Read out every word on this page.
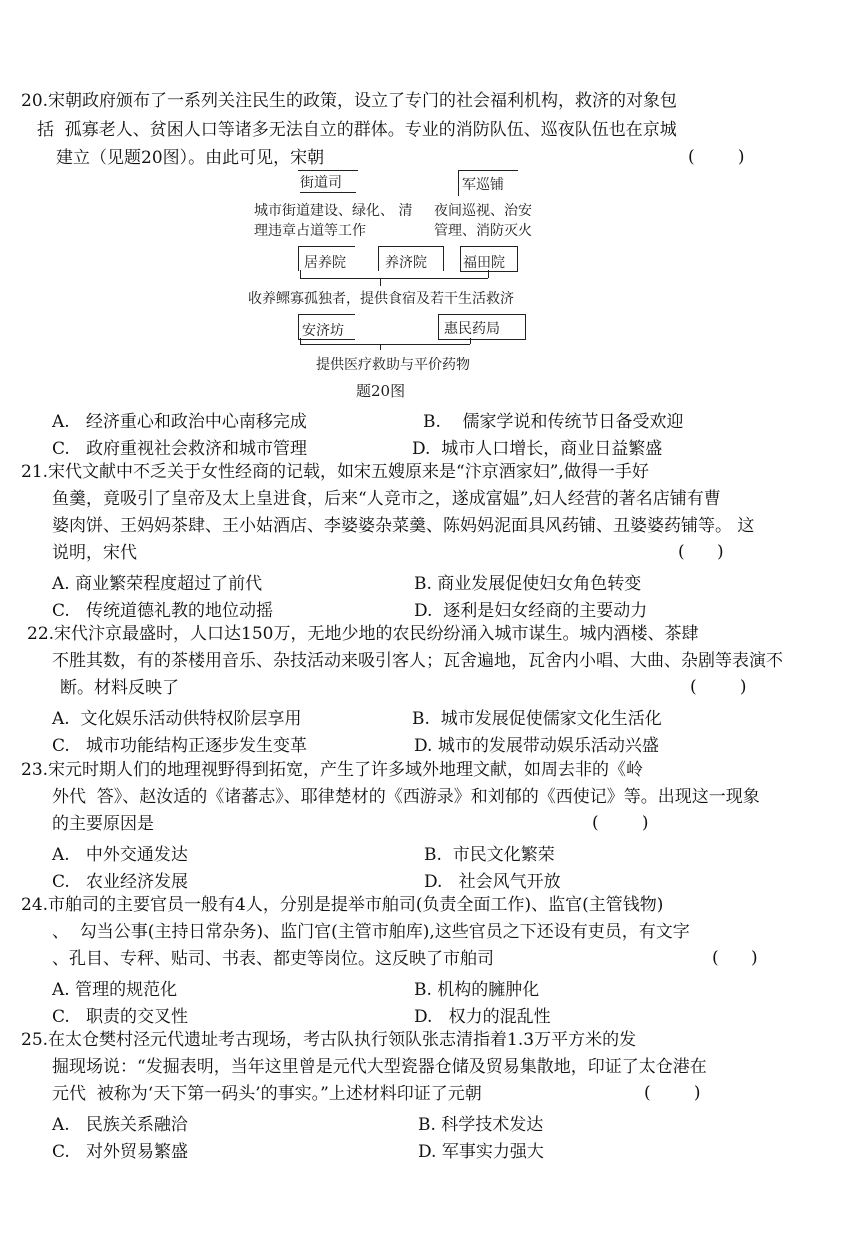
20.宋朝政府颁布了一系列关注民生的政策，设立了专门的社会福利机构，救济的对象包
括  孤寡老人、贫困人口等诸多无法自立的群体。专业的消防队伍、巡夜队伍也在京城
建立（见题20图）。由此可见，宋朝	(        )
街道司	军巡铺
城市街道建设、绿化、 清
理违章占道等工作
夜间巡视、治安
管理、消防灭火
居养院	养济院	福田院
收养鳏寡孤独者，提供食宿及若干生活救济
安济坊	惠民药局
提供医疗救助与平价药物
题20图
A.   经济重心和政治中心南移完成	B.    儒家学说和传统节日备受欢迎
C.   政府重视社会救济和城市管理	D.  城市人口增长，商业日益繁盛
21.宋代文献中不乏关于女性经商的记载，如宋五嫂原来是“汴京酒家妇”,做得一手好
鱼羹，竟吸引了皇帝及太上皇进食，后来“人竞市之，遂成富媪”,妇人经营的著名店铺有曹
婆肉饼、王妈妈茶肆、王小姑酒店、李婆婆杂菜羹、陈妈妈泥面具风药铺、丑婆婆药铺等。 这
说明，宋代	(      )
A. 商业繁荣程度超过了前代	B. 商业发展促使妇女角色转变
C.   传统道德礼教的地位动摇	D.  逐利是妇女经商的主要动力
22.宋代汴京最盛时，人口达150万，无地少地的农民纷纷涌入城市谋生。城内酒楼、茶肆
不胜其数，有的茶楼用音乐、杂技活动来吸引客人；瓦舍遍地，瓦舍内小唱、大曲、杂剧等表演不
断。材料反映了	(        )
A.  文化娱乐活动供特权阶层享用	B.  城市发展促使儒家文化生活化
C.   城市功能结构正逐步发生变革	D. 城市的发展带动娱乐活动兴盛
23.宋元时期人们的地理视野得到拓宽，产生了许多域外地理文献，如周去非的《岭
外代  答》、赵汝适的《诸蕃志》、耶律楚材的《西游录》和刘郁的《西使记》等。出现这一现象
的主要原因是	(        )
A.   中外交通发达	B.  市民文化繁荣
C.   农业经济发展	D.   社会风气开放
24.市舶司的主要官员一般有4人，分别是提举市舶司(负责全面工作)、监官(主管钱物)
、  勾当公事(主持日常杂务)、监门官(主管市舶库),这些官员之下还设有吏员，有文字
、孔目、专秤、贴司、书表、都吏等岗位。这反映了市舶司	(      )
A. 管理的规范化	B. 机构的臃肿化
C.   职责的交叉性	D.   权力的混乱性
25.在太仓樊村泾元代遗址考古现场，考古队执行领队张志清指着1.3万平方米的发
掘现场说：“发掘表明，当年这里曾是元代大型瓷器仓储及贸易集散地，印证了太仓港在
元代  被称为‘天下第一码头’的事实。”上述材料印证了元朝	(        )
A.   民族关系融洽	B. 科学技术发达
C.   对外贸易繁盛	D. 军事实力强大
